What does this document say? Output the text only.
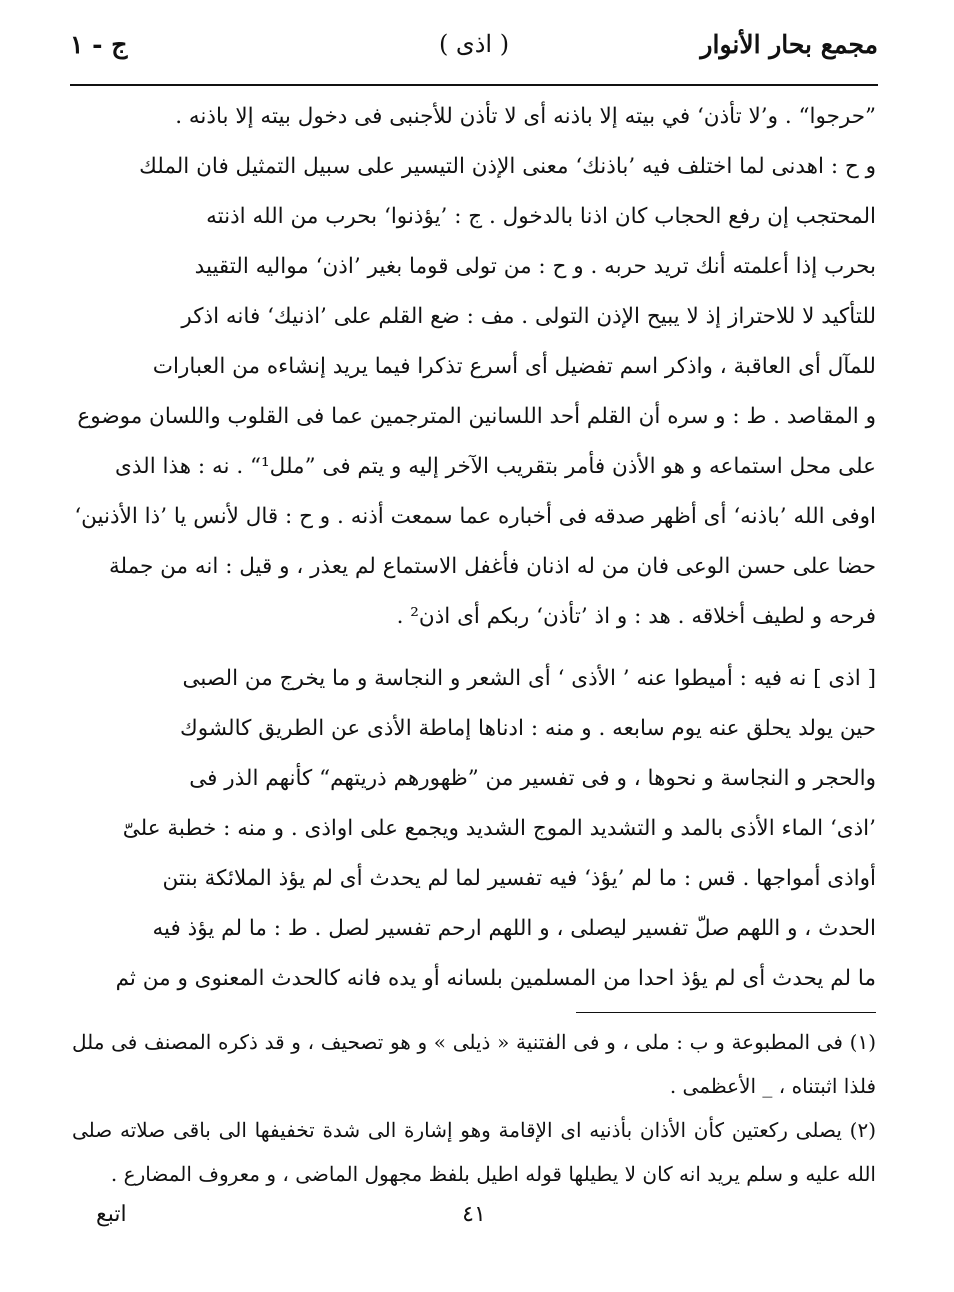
مجمع بحار الأنوار
( اذى )
ج - ١

”حرجوا“ . و’لا تأذن‘ في بيته إلا باذنه أى لا تأذن للأجنبى فى دخول بيته إلا باذنه .

و ح : اهدنى لما اختلف فيه ’باذنك‘ معنى الإذن التيسير على سبيل التمثيل فان الملك

المحتجب إن رفع الحجاب كان اذنا بالدخول . ج : ’يؤذنوا‘ بحرب من الله اذنته

بحرب إذا أعلمته أنك تريد حربه . و ح : من تولى قوما بغير ’اذن‘ مواليه التقييد

للتأكيد لا للاحتراز إذ لا يبيح الإذن التولى . مف : ضع القلم على ’اذنيك‘ فانه اذكر

للمآل أى العاقبة ، واذكر اسم تفضيل أى أسرع تذكرا فيما يريد إنشاءه من العبارات

و المقاصد . ط : و سره أن القلم أحد اللسانين المترجمين عما فى القلوب واللسان موضوع

على محل استماعه و هو الأذن فأمر بتقريب الآخر إليه و يتم فى ”ملل¹“ . نه : هذا الذى

اوفى الله ’باذنه‘ أى أظهر صدقه فى أخباره عما سمعت أذنه . و ح : قال لأنس يا ’ذا الأذنين‘

حضا على حسن الوعى فان من له اذنان فأغفل الاستماع لم يعذر ، و قيل : انه من جملة

فرحه و لطيف أخلاقه . هد : و اذ ’تأذن‘ ربكم أى اذن² .

[ اذى ] نه فيه : أميطوا عنه ’ الأذى ‘ أى الشعر و النجاسة و ما يخرج من الصبى

حين يولد يحلق عنه يوم سابعه . و منه : ادناها إماطة الأذى عن الطريق كالشوك

والحجر و النجاسة و نحوها ، و فى تفسير من ”ظهورهم ذريتهم“ كأنهم الذر فى

’اذى‘ الماء الأذى بالمد و التشديد الموج الشديد ويجمع على اواذى . و منه : خطبة علىّ

أواذى أمواجها . قس : ما لم ’يؤذ‘ فيه تفسير لما لم يحدث أى لم يؤذ الملائكة بنتن

الحدث ، و اللهم صلّ تفسير ليصلى ، و اللهم ارحم تفسير لصل . ط : ما لم يؤذ فيه

ما لم يحدث أى لم يؤذ احدا من المسلمين بلسانه أو يده فانه كالحدث المعنوى و من ثم

(١) فى المطبوعة و ب : ملى ، و فى الفتنية « ذيلى » و هو تصحيف ، و قد ذكره المصنف فى ملل فلذا اثبتناه ، _ الأعظمى .

(٢) يصلى ركعتين كأن الأذان بأذنيه اى الإقامة وهو إشارة الى شدة تخفيفها الى باقى صلاته صلى الله عليه و سلم يريد انه كان لا يطيلها قوله اطيل بلفظ مجهول الماضى ، و معروف المضارع .

٤١
اتبع
